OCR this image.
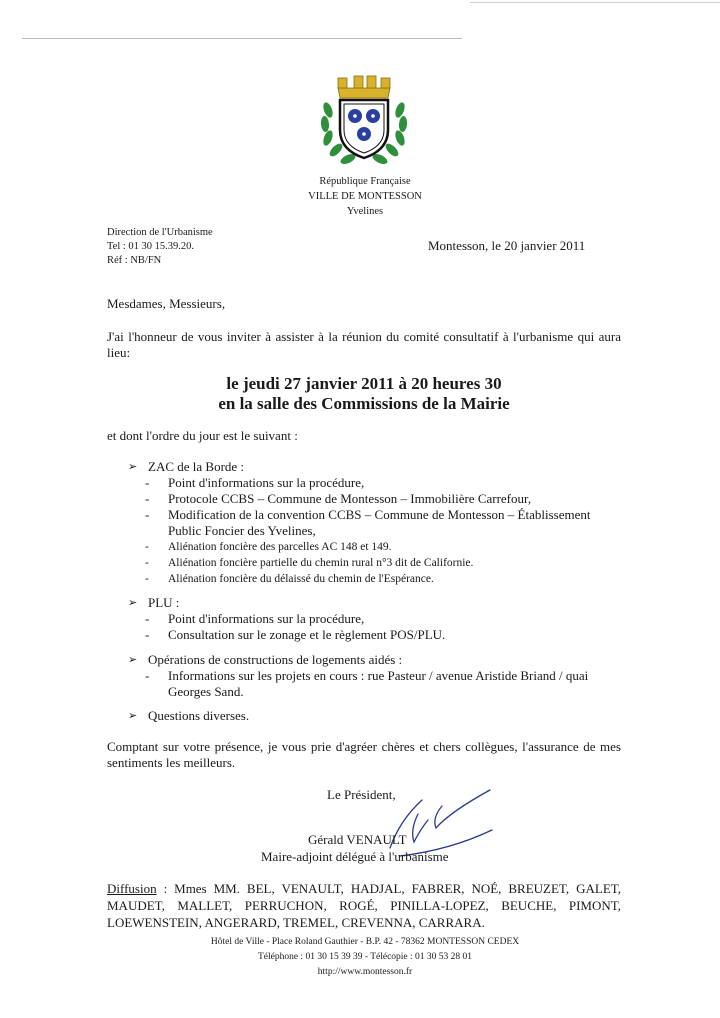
République Française
VILLE DE MONTESSON
Yvelines
Direction de l'Urbanisme
Tel : 01 30 15.39.20.
Réf : NB/FN
Montesson, le 20 janvier 2011
Mesdames, Messieurs,
J'ai l'honneur de vous inviter à assister à la réunion du comité consultatif à l'urbanisme qui aura lieu:
le jeudi 27 janvier 2011 à 20 heures 30
en la salle des Commissions de la Mairie
et dont l'ordre du jour est le suivant :
➢ ZAC de la Borde :
- Point d'informations sur la procédure,
- Protocole CCBS – Commune de Montesson – Immobilière Carrefour,
- Modification de la convention CCBS – Commune de Montesson – Établissement Public Foncier des Yvelines,
- Aliénation foncière des parcelles AC 148 et 149.
- Aliénation foncière partielle du chemin rural n°3 dit de Californie.
- Aliénation foncière du délaissé du chemin de l'Espérance.
➢ PLU :
- Point d'informations sur la procédure,
- Consultation sur le zonage et le règlement POS/PLU.
➢ Opérations de constructions de logements aidés :
- Informations sur les projets en cours : rue Pasteur / avenue Aristide Briand / quai Georges Sand.
➢ Questions diverses.
Comptant sur votre présence, je vous prie d'agréer chères et chers collègues, l'assurance de mes sentiments les meilleurs.
Le Président,
Gérald VENAULT
Maire-adjoint délégué à l'urbanisme
Diffusion : Mmes MM. BEL, VENAULT, HADJAL, FABRER, NOÉ, BREUZET, GALET, MAUDET, MALLET, PERRUCHON, ROGÉ, PINILLA-LOPEZ, BEUCHE, PIMONT, LOEWENSTEIN, ANGERARD, TREMEL, CREVENNA, CARRARA.
Hôtel de Ville - Place Roland Gauthier - B.P. 42 - 78362 MONTESSON CEDEX
Téléphone : 01 30 15 39 39 - Télécopie : 01 30 53 28 01
http://www.montesson.fr
